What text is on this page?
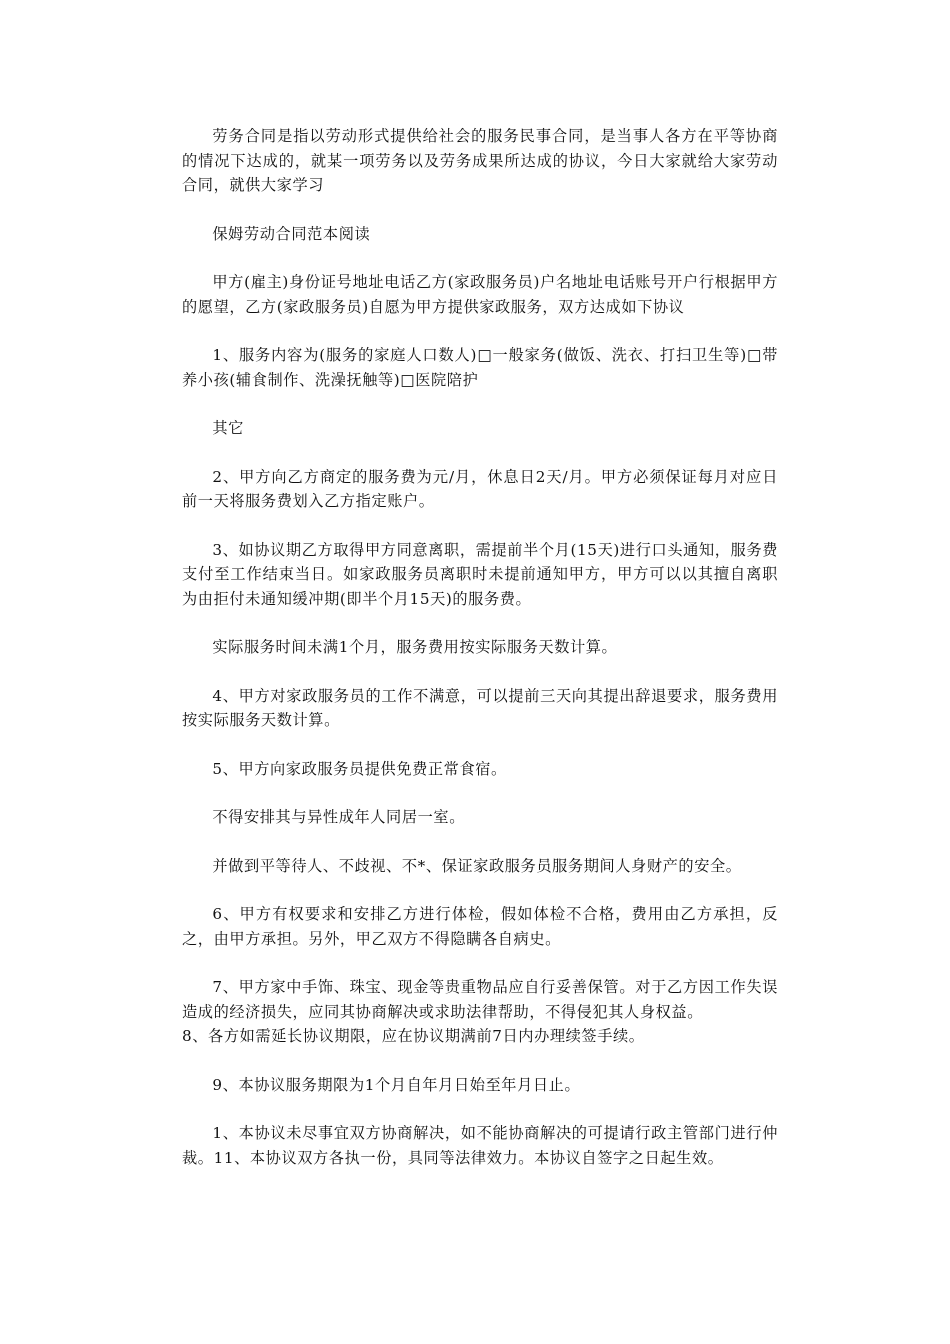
劳务合同是指以劳动形式提供给社会的服务民事合同，是当事人各方在平等协商的情况下达成的，就某一项劳务以及劳务成果所达成的协议，今日大家就给大家劳动合同，就供大家学习

保姆劳动合同范本阅读

甲方(雇主)身份证号地址电话乙方(家政服务员)户名地址电话账号开户行根据甲方的愿望，乙方(家政服务员)自愿为甲方提供家政服务，双方达成如下协议

1、服务内容为(服务的家庭人口数人)□一般家务(做饭、洗衣、打扫卫生等)□带养小孩(辅食制作、洗澡抚触等)□医院陪护

其它

2、甲方向乙方商定的服务费为元/月，休息日2天/月。甲方必须保证每月对应日前一天将服务费划入乙方指定账户。

3、如协议期乙方取得甲方同意离职，需提前半个月(15天)进行口头通知，服务费支付至工作结束当日。如家政服务员离职时未提前通知甲方，甲方可以以其擅自离职为由拒付未通知缓冲期(即半个月15天)的服务费。

实际服务时间未满1个月，服务费用按实际服务天数计算。

4、甲方对家政服务员的工作不满意，可以提前三天向其提出辞退要求，服务费用按实际服务天数计算。

5、甲方向家政服务员提供免费正常食宿。

不得安排其与异性成年人同居一室。

并做到平等待人、不歧视、不*、保证家政服务员服务期间人身财产的安全。

6、甲方有权要求和安排乙方进行体检，假如体检不合格，费用由乙方承担，反之，由甲方承担。另外，甲乙双方不得隐瞒各自病史。

7、甲方家中手饰、珠宝、现金等贵重物品应自行妥善保管。对于乙方因工作失误造成的经济损失，应同其协商解决或求助法律帮助，不得侵犯其人身权益。

8、各方如需延长协议期限，应在协议期满前7日内办理续签手续。

9、本协议服务期限为1个月自年月日始至年月日止。

1、本协议未尽事宜双方协商解决，如不能协商解决的可提请行政主管部门进行仲裁。11、本协议双方各执一份，具同等法律效力。本协议自签字之日起生效。
